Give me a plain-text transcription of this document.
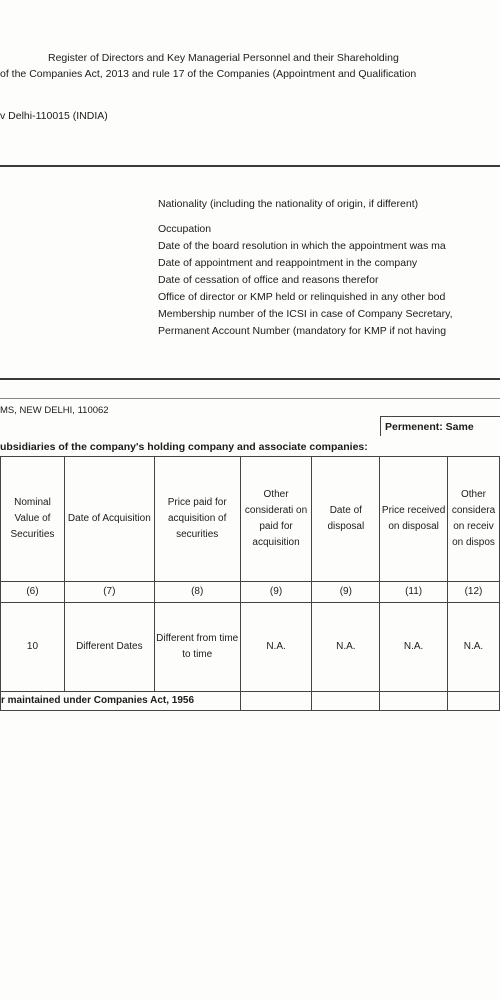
Register of Directors and Key Managerial Personnel and their Shareholding
of the Companies Act, 2013 and rule 17 of the Companies (Appointment and Qualification
v Delhi-110015 (INDIA)
Nationality (including the nationality of origin, if different)
Occupation
Date of the board resolution in which the appointment was ma
Date of appointment and reappointment in the company
Date of cessation of office and reasons therefor
Office of director or KMP held or relinquished in any other bod
Membership number of the ICSI in case of Company Secretary,
Permanent Account Number (mandatory for KMP if not having
MS, NEW DELHI, 110062
Permenent: Same
ubsidiaries of the company's holding company and associate companies:
Nominal Value of Securities	Date of Acquisition	Price paid for acquisition of securities	Other considerati on paid for acquisition	Date of disposal	Price received on disposal	Other considera on receiv on dispos
(6)	(7)	(8)	(9)	(9)	(11)	(12)
10	Different Dates	Different from time to time	N.A.	N.A.	N.A.	N.A.
r maintained under Companies Act, 1956						
